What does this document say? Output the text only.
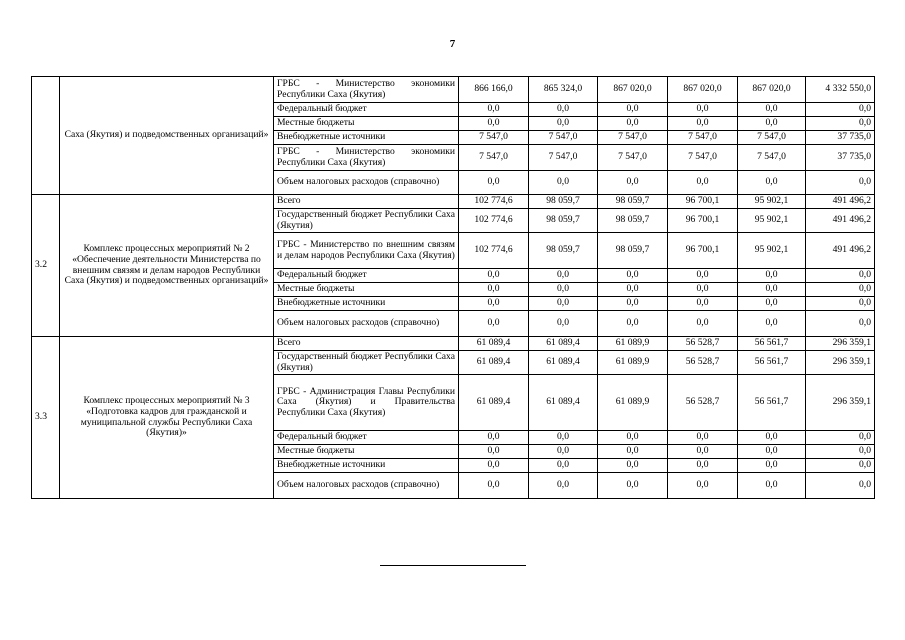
7
	Саха (Якутия) и подведомственных организаций»	ГРБС - Министерство экономики Республики Саха (Якутия)	866 166,0	865 324,0	867 020,0	867 020,0	867 020,0	4 332 550,0
		Федеральный бюджет	0,0	0,0	0,0	0,0	0,0	0,0
		Местные бюджеты	0,0	0,0	0,0	0,0	0,0	0,0
		Внебюджетные источники	7 547,0	7 547,0	7 547,0	7 547,0	7 547,0	37 735,0
		ГРБС - Министерство экономики Республики Саха (Якутия)	7 547,0	7 547,0	7 547,0	7 547,0	7 547,0	37 735,0
		Объем налоговых расходов (справочно)	0,0	0,0	0,0	0,0	0,0	0,0
3.2	Комплекс процессных мероприятий № 2 «Обеспечение деятельности Министерства по внешним связям и делам народов Республики Саха (Якутия) и подведомственных организаций»	Всего	102 774,6	98 059,7	98 059,7	96 700,1	95 902,1	491 496,2
		Государственный бюджет Республики Саха (Якутия)	102 774,6	98 059,7	98 059,7	96 700,1	95 902,1	491 496,2
		ГРБС - Министерство по внешним связям и делам народов Республики Саха (Якутия)	102 774,6	98 059,7	98 059,7	96 700,1	95 902,1	491 496,2
		Федеральный бюджет	0,0	0,0	0,0	0,0	0,0	0,0
		Местные бюджеты	0,0	0,0	0,0	0,0	0,0	0,0
		Внебюджетные источники	0,0	0,0	0,0	0,0	0,0	0,0
		Объем налоговых расходов (справочно)	0,0	0,0	0,0	0,0	0,0	0,0
3.3	Комплекс процессных мероприятий № 3 «Подготовка кадров для гражданской и муниципальной службы Республики Саха (Якутия)»	Всего	61 089,4	61 089,4	61 089,9	56 528,7	56 561,7	296 359,1
		Государственный бюджет Республики Саха (Якутия)	61 089,4	61 089,4	61 089,9	56 528,7	56 561,7	296 359,1
		ГРБС - Администрация Главы Республики Саха (Якутия) и Правительства Республики Саха (Якутия)	61 089,4	61 089,4	61 089,9	56 528,7	56 561,7	296 359,1
		Федеральный бюджет	0,0	0,0	0,0	0,0	0,0	0,0
		Местные бюджеты	0,0	0,0	0,0	0,0	0,0	0,0
		Внебюджетные источники	0,0	0,0	0,0	0,0	0,0	0,0
		Объем налоговых расходов (справочно)	0,0	0,0	0,0	0,0	0,0	0,0
